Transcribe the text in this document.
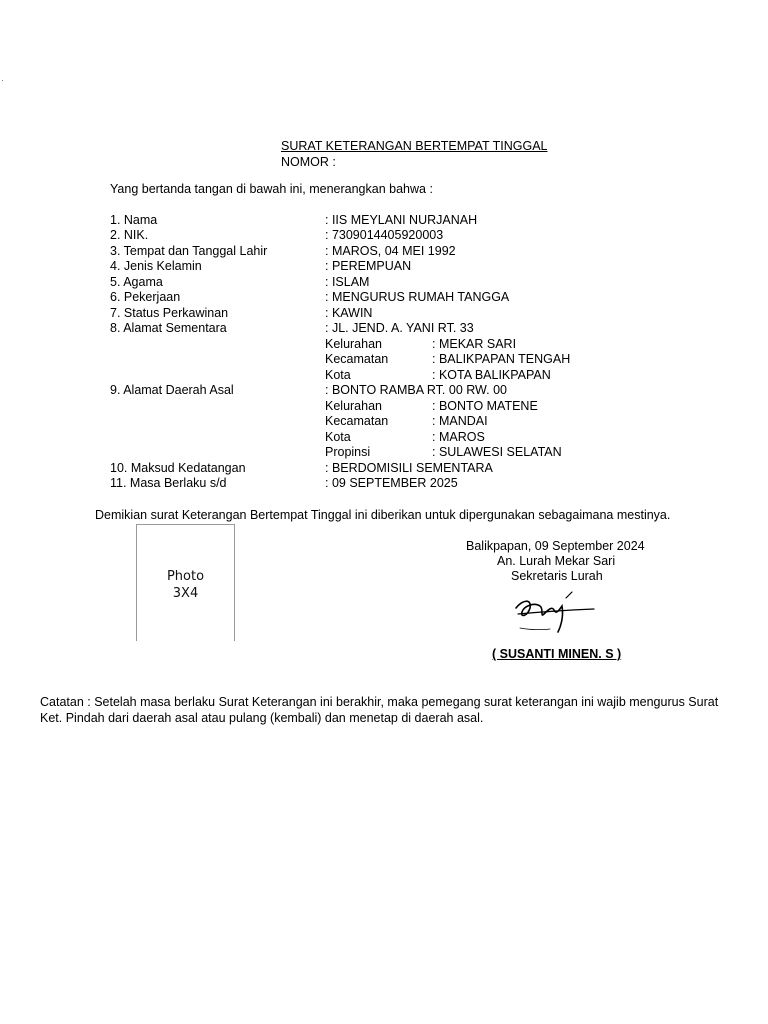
SURAT KETERANGAN BERTEMPAT TINGGAL
NOMOR :
Yang bertanda tangan di bawah ini, menerangkan bahwa :
1. Nama	: IIS MEYLANI NURJANAH
2. NIK.	: 7309014405920003
3. Tempat dan Tanggal Lahir	: MAROS, 04 MEI 1992
4. Jenis Kelamin	: PEREMPUAN
5. Agama	: ISLAM
6. Pekerjaan	: MENGURUS RUMAH TANGGA
7. Status Perkawinan	: KAWIN
8. Alamat Sementara	: JL. JEND. A. YANI RT. 33
Kelurahan	: MEKAR SARI
Kecamatan	: BALIKPAPAN TENGAH
Kota	: KOTA BALIKPAPAN
9. Alamat Daerah Asal	: BONTO RAMBA RT. 00 RW. 00
Kelurahan	: BONTO MATENE
Kecamatan	: MANDAI
Kota	: MAROS
Propinsi	: SULAWESI SELATAN
10. Maksud Kedatangan	: BERDOMISILI SEMENTARA
11. Masa Berlaku s/d	: 09 SEPTEMBER 2025
Demikian surat Keterangan Bertempat Tinggal ini diberikan untuk dipergunakan sebagaimana mestinya.
Photo
3X4
Balikpapan, 09 September 2024
An. Lurah Mekar Sari
Sekretaris Lurah
( SUSANTI MINEN. S )
Catatan : Setelah masa berlaku Surat Keterangan ini berakhir, maka pemegang surat keterangan ini wajib mengurus Surat Ket. Pindah dari daerah asal atau pulang (kembali) dan menetap di daerah asal.
